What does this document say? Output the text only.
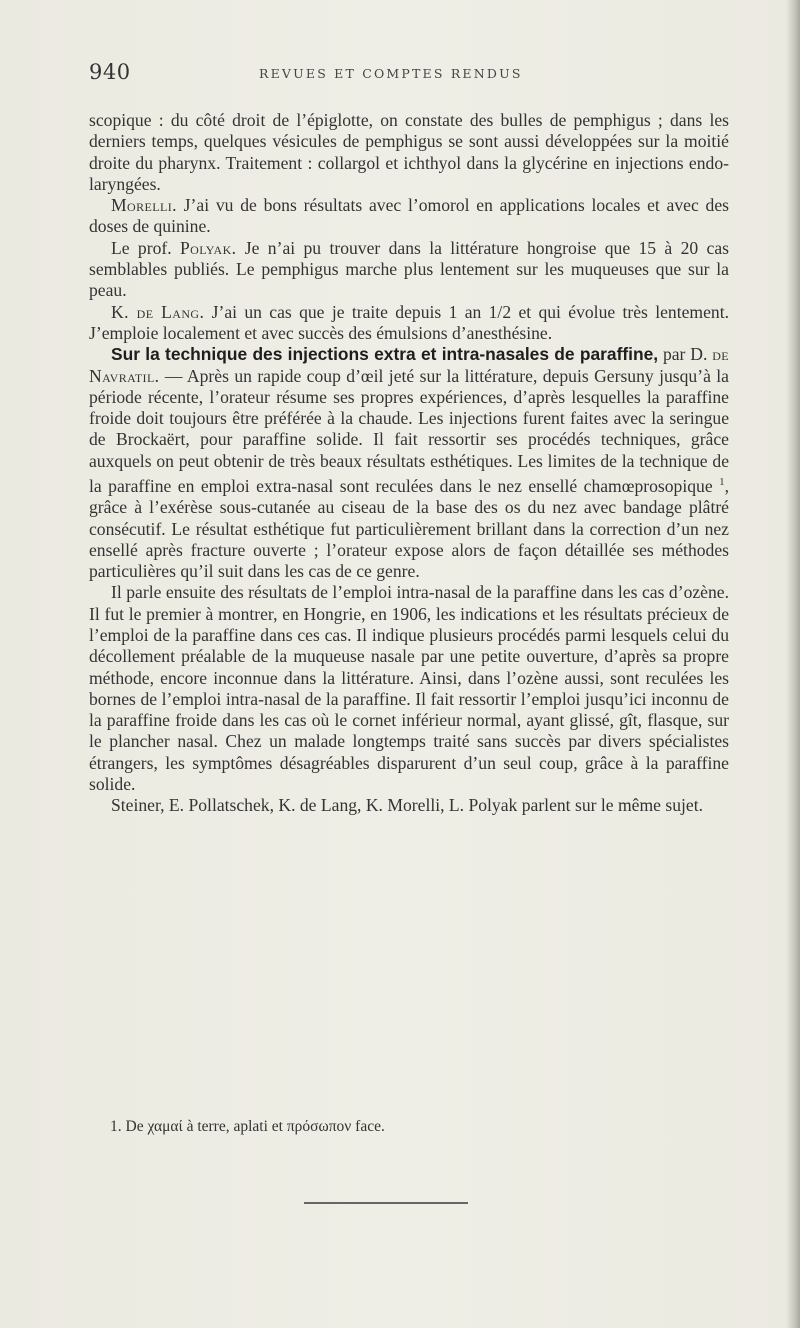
940	REVUES ET COMPTES RENDUS

scopique : du côté droit de l’épiglotte, on constate des bulles de pemphigus ; dans les derniers temps, quelques vésicules de pemphigus se sont aussi développées sur la moitié droite du pharynx. Traitement : collargol et ichthyol dans la glycérine en injections endo-laryngées.

Morelli. J’ai vu de bons résultats avec l’omorol en applications locales et avec des doses de quinine.

Le prof. Polyak. Je n’ai pu trouver dans la littérature hongroise que 15 à 20 cas semblables publiés. Le pemphigus marche plus lentement sur les muqueuses que sur la peau.

K. de Lang. J’ai un cas que je traite depuis 1 an 1/2 et qui évolue très lentement. J’emploie localement et avec succès des émulsions d’anesthésine.

Sur la technique des injections extra et intra-nasales de paraffine, par D. de Navratil. — Après un rapide coup d’œil jeté sur la littérature, depuis Gersuny jusqu’à la période récente, l’orateur résume ses propres expériences, d’après lesquelles la paraffine froide doit toujours être préférée à la chaude. Les injections furent faites avec la seringue de Brockaërt, pour paraffine solide. Il fait ressortir ses procédés techniques, grâce auxquels on peut obtenir de très beaux résultats esthétiques. Les limites de la technique de la paraffine en emploi extra-nasal sont reculées dans le nez ensellé chamœprosopique $^1$, grâce à l’exérèse sous-cutanée au ciseau de la base des os du nez avec bandage plâtré consécutif. Le résultat esthétique fut particulièrement brillant dans la correction d’un nez ensellé après fracture ouverte ; l’orateur expose alors de façon détaillée ses méthodes particulières qu’il suit dans les cas de ce genre.

Il parle ensuite des résultats de l’emploi intra-nasal de la paraffine dans les cas d’ozène. Il fut le premier à montrer, en Hongrie, en 1906, les indications et les résultats précieux de l’emploi de la paraffine dans ces cas. Il indique plusieurs procédés parmi lesquels celui du décollement préalable de la muqueuse nasale par une petite ouverture, d’après sa propre méthode, encore inconnue dans la littérature. Ainsi, dans l’ozène aussi, sont reculées les bornes de l’emploi intra-nasal de la paraffine. Il fait ressortir l’emploi jusqu’ici inconnu de la paraffine froide dans les cas où le cornet inférieur normal, ayant glissé, gît, flasque, sur le plancher nasal. Chez un malade longtemps traité sans succès par divers spécialistes étrangers, les symptômes désagréables disparurent d’un seul coup, grâce à la paraffine solide.

Steiner, E. Pollatschek, K. de Lang, K. Morelli, L. Polyak parlent sur le même sujet.

1. De χαμαί à terre, aplati et πρόσωπον face.
